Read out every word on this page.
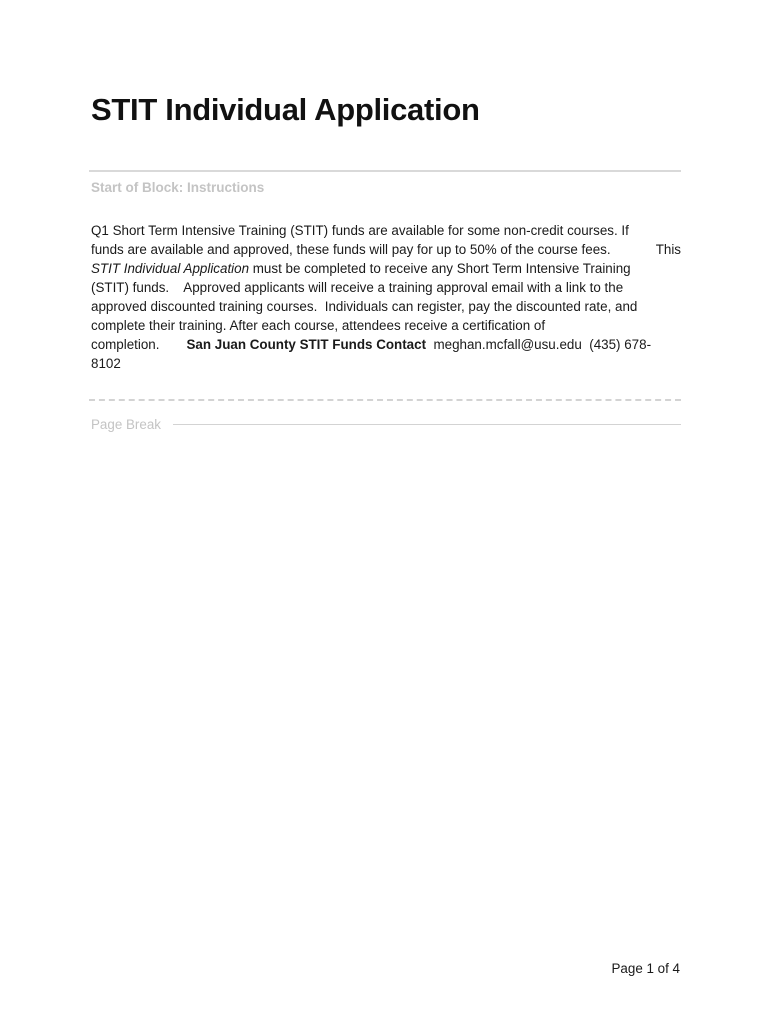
STIT Individual Application
Start of Block: Instructions
Q1 Short Term Intensive Training (STIT) funds are available for some non-credit courses. If
funds are available and approved, these funds will pay for up to 50% of the course fees.	This
STIT Individual Application must be completed to receive any Short Term Intensive Training
(STIT) funds.    Approved applicants will receive a training approval email with a link to the
approved discounted training courses.  Individuals can register, pay the discounted rate, and
complete their training. After each course, attendees receive a certification of
completion. San Juan County STIT Funds Contact meghan.mcfall@usu.edu  (435) 678-
8102
Page Break
Page 1 of 4
